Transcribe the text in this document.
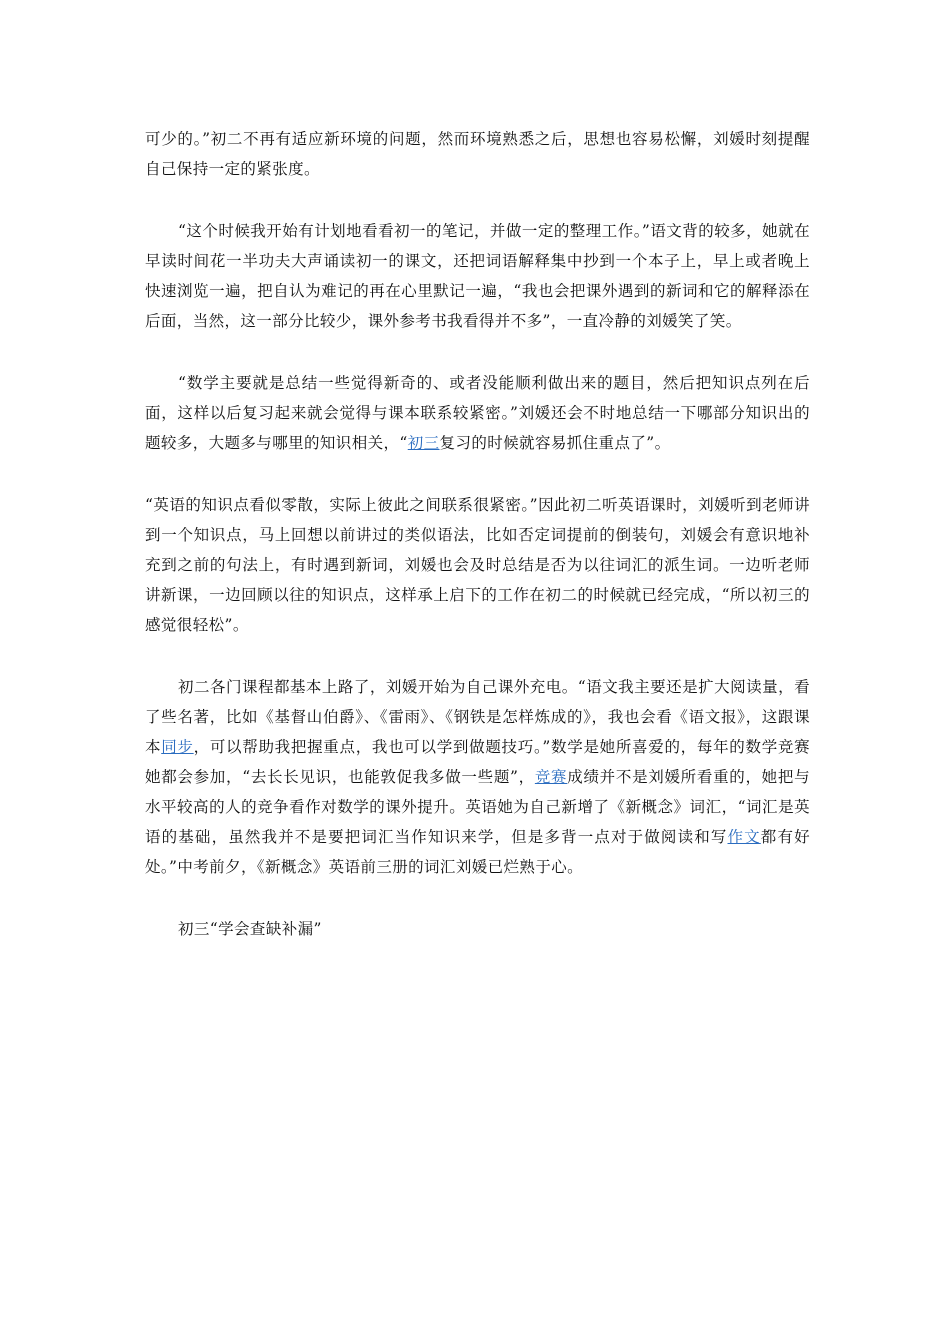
可少的。”初二不再有适应新环境的问题，然而环境熟悉之后，思想也容易松懈，刘媛时刻提醒自己保持一定的紧张度。

“这个时候我开始有计划地看看初一的笔记，并做一定的整理工作。”语文背的较多，她就在早读时间花一半功夫大声诵读初一的课文，还把词语解释集中抄到一个本子上，早上或者晚上快速浏览一遍，把自认为难记的再在心里默记一遍，“我也会把课外遇到的新词和它的解释添在后面，当然，这一部分比较少，课外参考书我看得并不多”，一直冷静的刘媛笑了笑。

“数学主要就是总结一些觉得新奇的、或者没能顺利做出来的题目，然后把知识点列在后面，这样以后复习起来就会觉得与课本联系较紧密。”刘媛还会不时地总结一下哪部分知识出的题较多，大题多与哪里的知识相关，“初三复习的时候就容易抓住重点了”。

“英语的知识点看似零散，实际上彼此之间联系很紧密。”因此初二听英语课时，刘媛听到老师讲到一个知识点，马上回想以前讲过的类似语法，比如否定词提前的倒装句，刘媛会有意识地补充到之前的句法上，有时遇到新词，刘媛也会及时总结是否为以往词汇的派生词。一边听老师讲新课，一边回顾以往的知识点，这样承上启下的工作在初二的时候就已经完成，“所以初三的感觉很轻松”。

初二各门课程都基本上路了，刘媛开始为自己课外充电。“语文我主要还是扩大阅读量，看了些名著，比如《基督山伯爵》、《雷雨》、《钢铁是怎样炼成的》，我也会看《语文报》，这跟课本同步，可以帮助我把握重点，我也可以学到做题技巧。”数学是她所喜爱的，每年的数学竞赛她都会参加，“去长长见识，也能敦促我多做一些题”，竞赛成绩并不是刘媛所看重的，她把与水平较高的人的竞争看作对数学的课外提升。英语她为自己新增了《新概念》词汇，“词汇是英语的基础，虽然我并不是要把词汇当作知识来学，但是多背一点对于做阅读和写作文都有好处。”中考前夕，《新概念》英语前三册的词汇刘媛已烂熟于心。

初三“学会查缺补漏”
